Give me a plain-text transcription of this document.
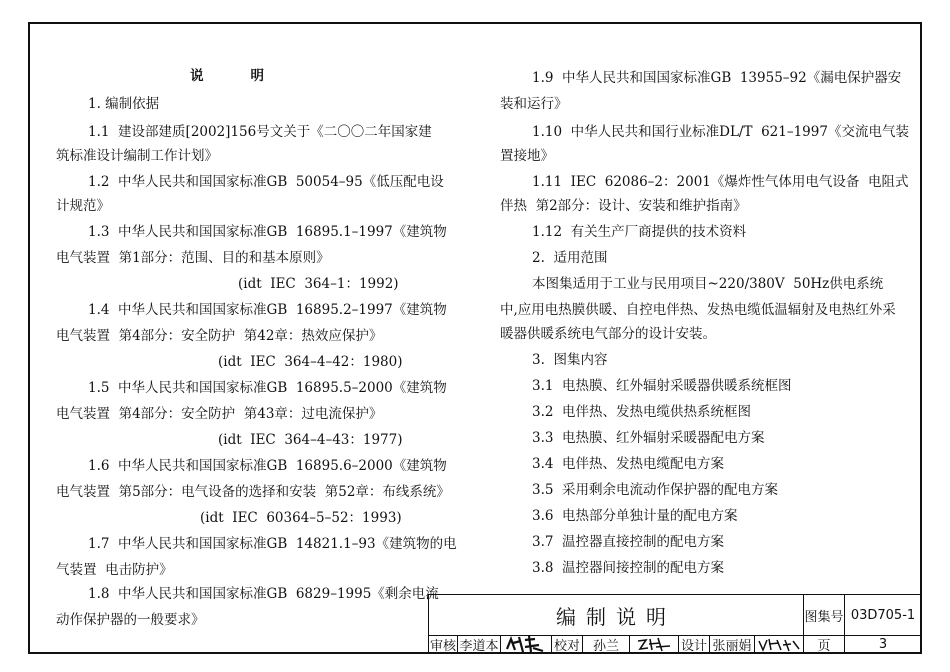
说          明
1. 编制依据
1.1  建设部建质[2002]156号文关于《二〇〇二年国家建
筑标准设计编制工作计划》
1.2  中华人民共和国国家标准GB  50054–95《低压配电设
计规范》
1.3  中华人民共和国国家标准GB  16895.1–1997《建筑物
电气装置  第1部分：范围、目的和基本原则》
(idt  IEC  364–1：1992)
1.4  中华人民共和国国家标准GB  16895.2–1997《建筑物
电气装置  第4部分：安全防护  第42章：热效应保护》
(idt  IEC  364–4–42：1980)
1.5  中华人民共和国国家标准GB  16895.5–2000《建筑物
电气装置  第4部分：安全防护  第43章：过电流保护》
(idt  IEC  364–4–43：1977)
1.6  中华人民共和国国家标准GB  16895.6–2000《建筑物
电气装置  第5部分：电气设备的选择和安装  第52章：布线系统》
(idt  IEC  60364–5–52：1993)
1.7  中华人民共和国国家标准GB  14821.1–93《建筑物的电
气装置  电击防护》
1.8  中华人民共和国国家标准GB  6829–1995《剩余电流
动作保护器的一般要求》
1.9  中华人民共和国国家标准GB  13955–92《漏电保护器安
装和运行》
1.10  中华人民共和国行业标准DL/T  621–1997《交流电气装
置接地》
1.11  IEC  62086–2：2001《爆炸性气体用电气设备  电阻式
伴热  第2部分：设计、安装和维护指南》
1.12  有关生产厂商提供的技术资料
2.  适用范围
本图集适用于工业与民用项目~220/380V  50Hz供电系统
中,应用电热膜供暖、自控电伴热、发热电缆低温辐射及电热红外采
暖器供暖系统电气部分的设计安装。
3.  图集内容
3.1  电热膜、红外辐射采暖器供暖系统框图
3.2  电伴热、发热电缆供热系统框图
3.3  电热膜、红外辐射采暖器配电方案
3.4  电伴热、发热电缆配电方案
3.5  采用剩余电流动作保护器的配电方案
3.6  电热部分单独计量的配电方案
3.7  温控器直接控制的配电方案
3.8  温控器间接控制的配电方案
编制说明	图集号 03D705-1
审核 李道本	校对 孙兰	设计 张丽娟	页	3
